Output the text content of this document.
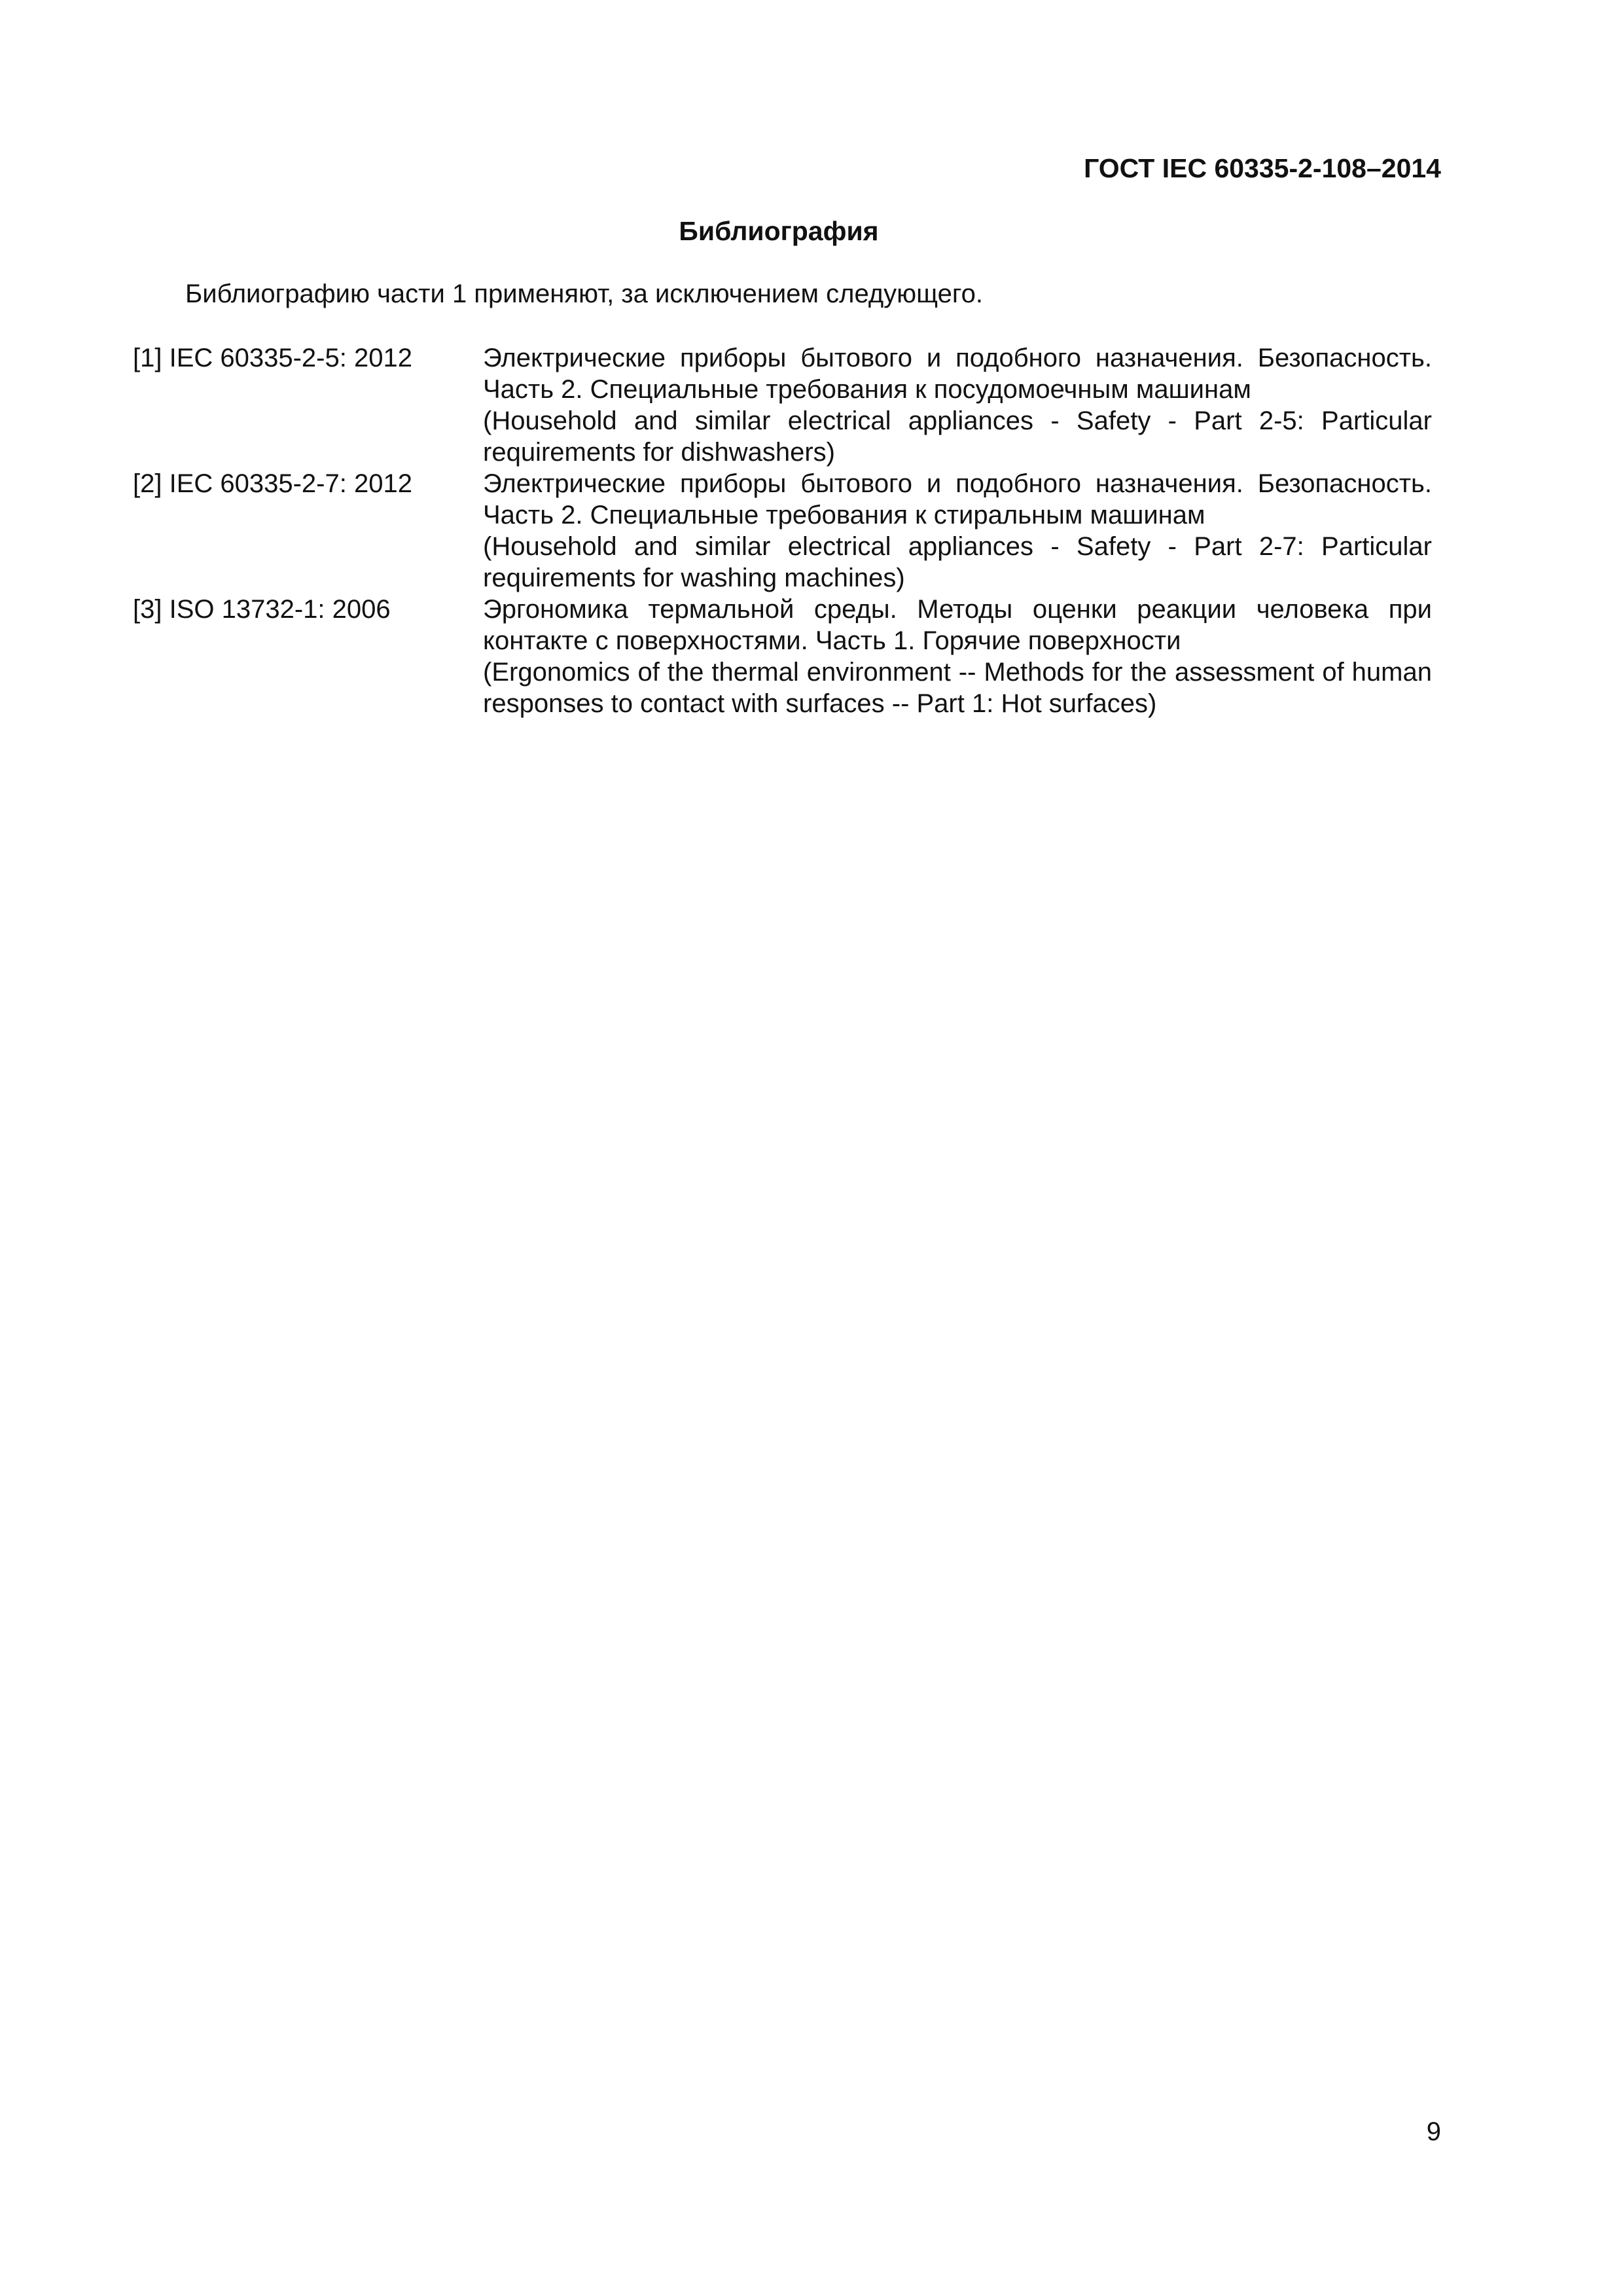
ГОСТ IEC 60335-2-108–2014
Библиография
Библиографию части 1 применяют, за исключением следующего.
[1] IEC 60335-2-5: 2012	Электрические приборы бытового и подобного назначения. Безопасность. Часть 2. Специальные требования к посудомоечным машинам

(Household and similar electrical appliances - Safety - Part 2-5: Particular requirements for dishwashers)

[2] IEC 60335-2-7: 2012	Электрические приборы бытового и подобного назначения. Безопасность. Часть 2. Специальные требования к стиральным машинам

(Household and similar electrical appliances - Safety - Part 2-7: Particular requirements for washing machines)

[3] ISO 13732-1: 2006	Эргономика термальной среды. Методы оценки реакции человека при контакте с поверхностями. Часть 1. Горячие поверхности

(Ergonomics of the thermal environment -- Methods for the assessment of human responses to contact with surfaces -- Part 1: Hot surfaces)

9
